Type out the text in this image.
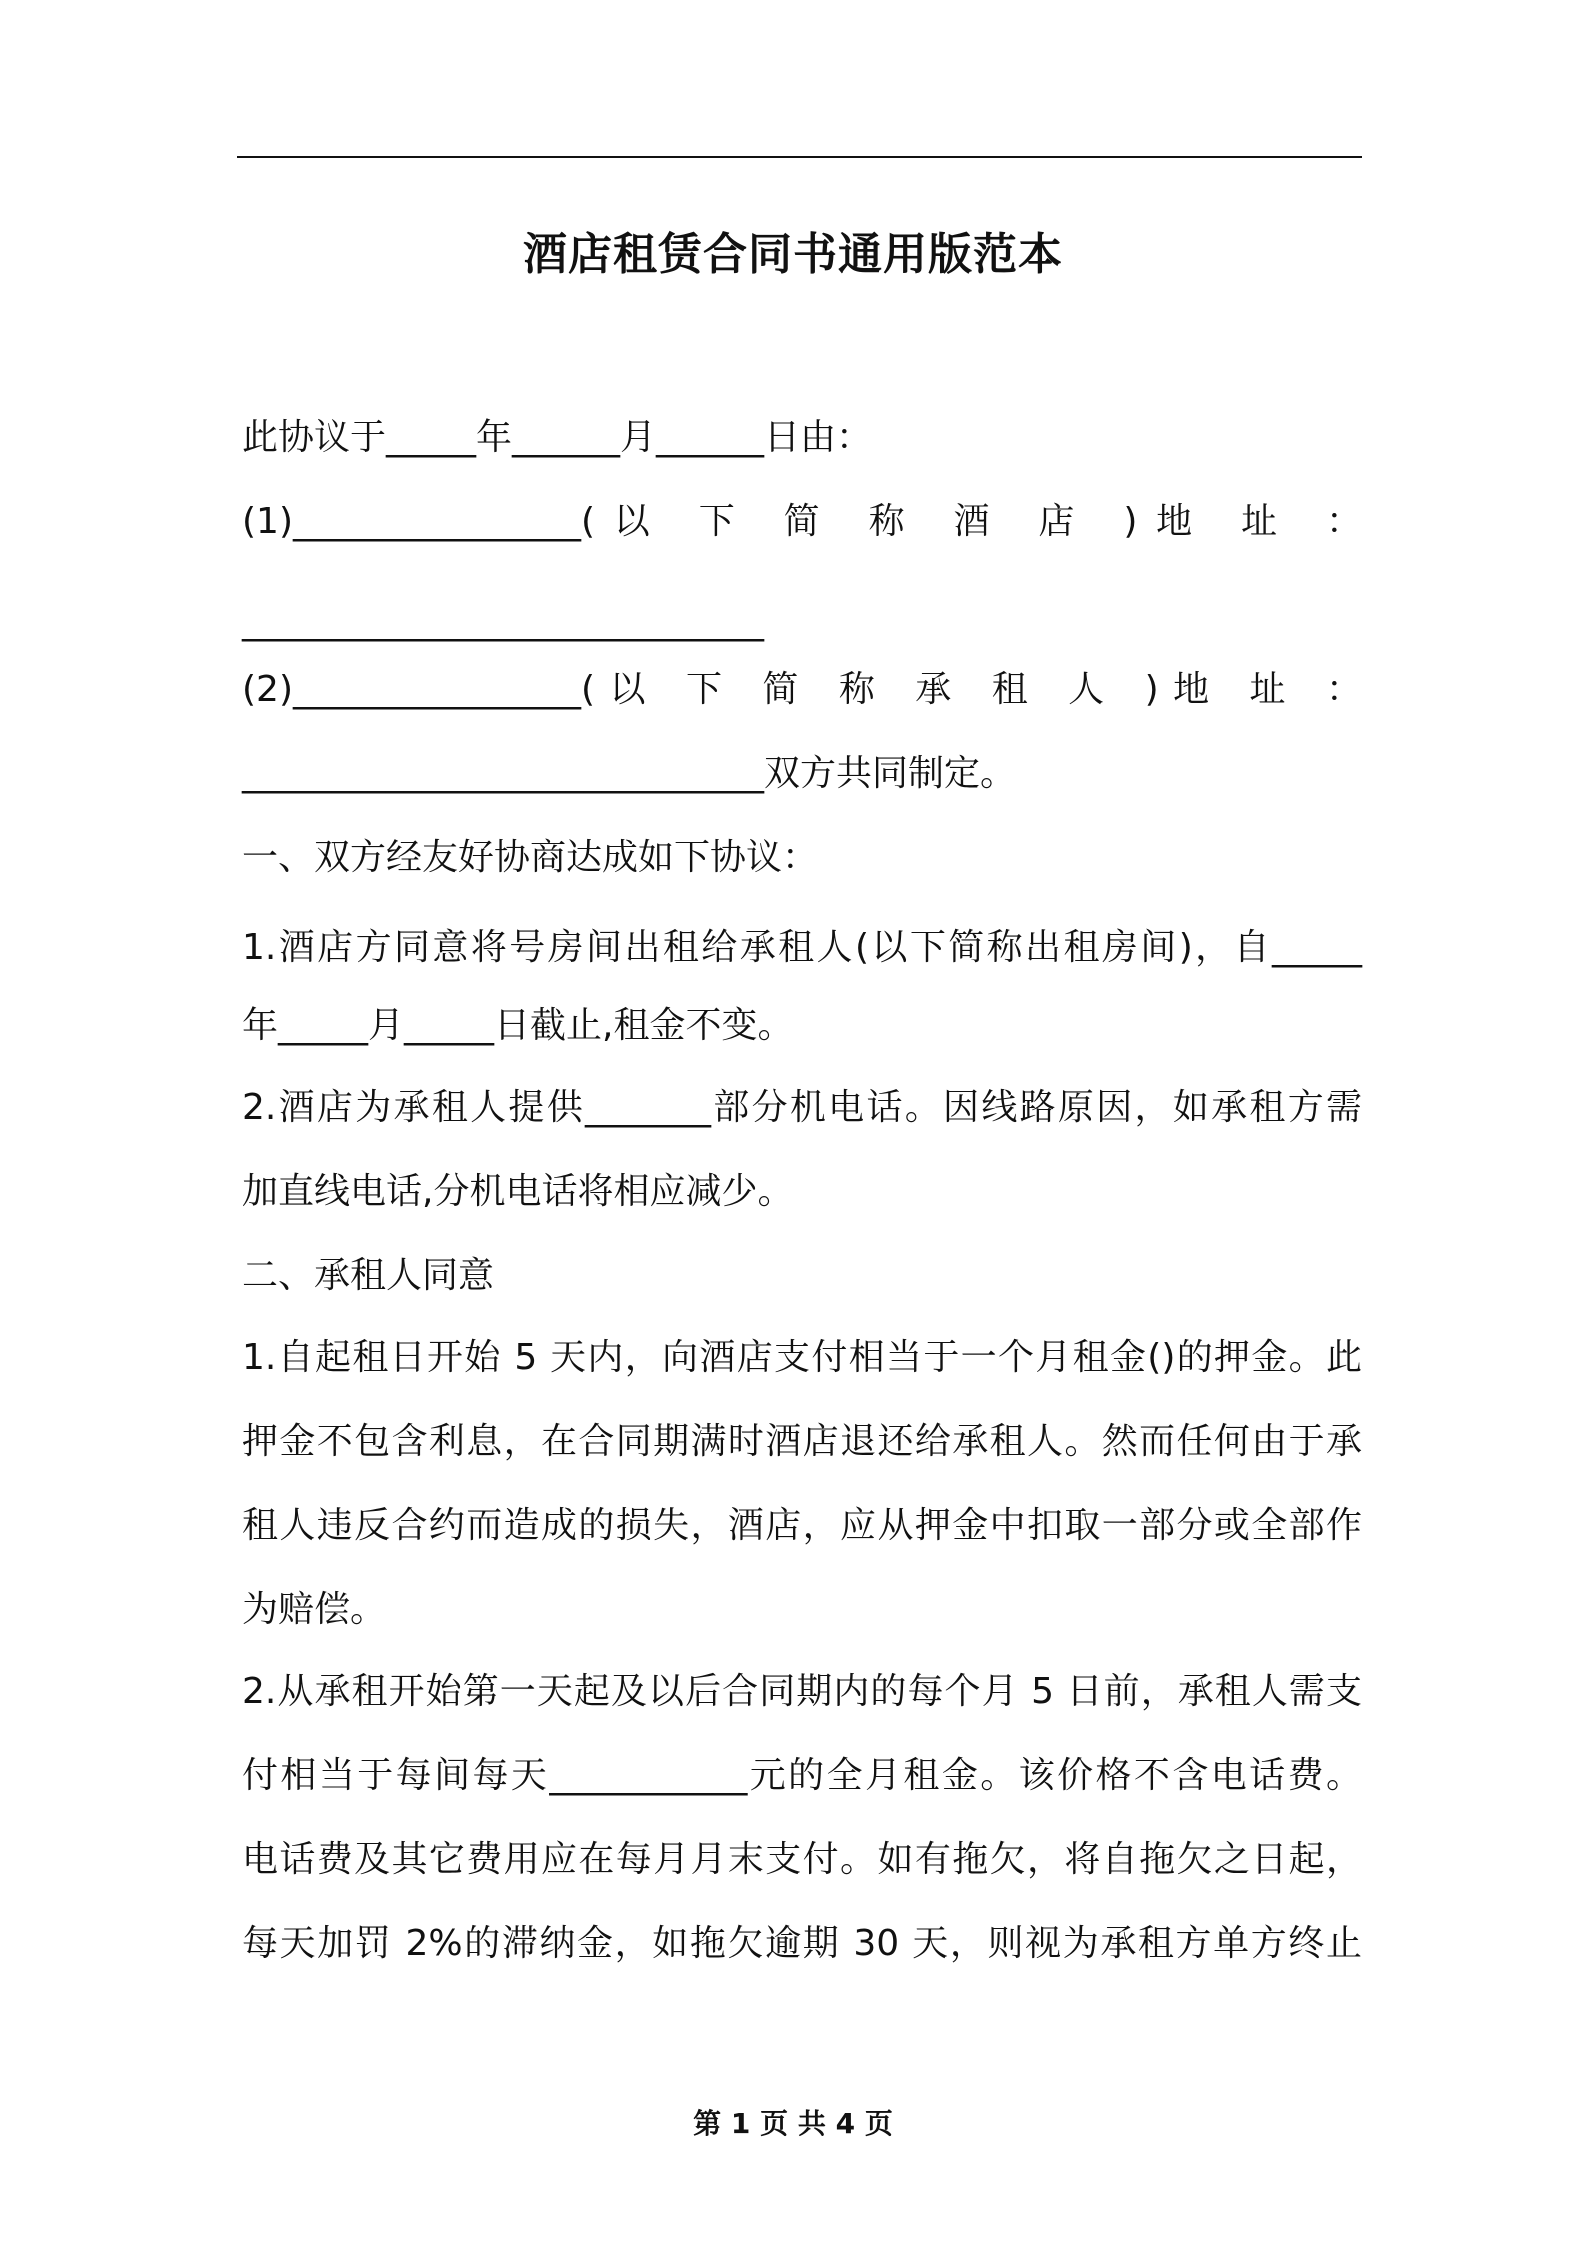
酒店租赁合同书通用版范本
此协议于_____年______月______日由：
(1)________________(以 下 简 称 酒 店 )地 址 ：
_____________________________
(2)________________(以 下 简 称 承 租 人 )地 址 ：
_____________________________双方共同制定。
一、双方经友好协商达成如下协议：
1.酒店方同意将号房间出租给承租人(以下简称出租房间)，自_____
年_____月_____日截止,租金不变。
2.酒店为承租人提供_______部分机电话。因线路原因，如承租方需
加直线电话,分机电话将相应减少。
二、承租人同意
1.自起租日开始 5 天内，向酒店支付相当于一个月租金()的押金。此
押金不包含利息，在合同期满时酒店退还给承租人。然而任何由于承
租人违反合约而造成的损失，酒店，应从押金中扣取一部分或全部作
为赔偿。
2.从承租开始第一天起及以后合同期内的每个月 5 日前，承租人需支
付相当于每间每天___________元的全月租金。该价格不含电话费。
电话费及其它费用应在每月月末支付。如有拖欠，将自拖欠之日起，
每天加罚 2%的滞纳金，如拖欠逾期 30 天，则视为承租方单方终止
第 1 页 共 4 页
